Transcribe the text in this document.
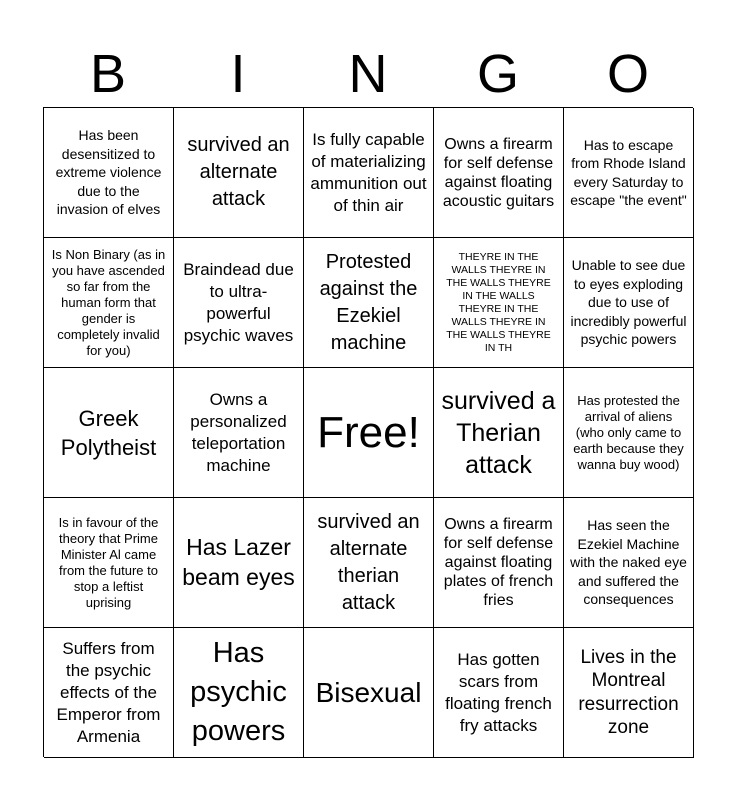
B	I	N	G	O
Has been desensitized to extreme violence due to the invasion of elves
survived an alternate attack
Is fully capable of materializing ammunition out of thin air
Owns a firearm for self defense against floating acoustic guitars
Has to escape from Rhode Island every Saturday to escape "the event"
Is Non Binary (as in you have ascended so far from the human form that gender is completely invalid for you)
Braindead due to ultra-powerful psychic waves
Protested against the Ezekiel machine
THEYRE IN THE WALLS THEYRE IN THE WALLS THEYRE IN THE WALLS THEYRE IN THE WALLS THEYRE IN THE WALLS THEYRE IN TH
Unable to see due to eyes exploding due to use of incredibly powerful psychic powers
Greek Polytheist
Owns a personalized teleportation machine
Free!
survived a Therian attack
Has protested the arrival of aliens (who only came to earth because they wanna buy wood)
Is in favour of the theory that Prime Minister Al came from the future to stop a leftist uprising
Has Lazer beam eyes
survived an alternate therian attack
Owns a firearm for self defense against floating plates of french fries
Has seen the Ezekiel Machine with the naked eye and suffered the consequences
Suffers from the psychic effects of the Emperor from Armenia
Has psychic powers
Bisexual
Has gotten scars from floating french fry attacks
Lives in the Montreal resurrection zone
